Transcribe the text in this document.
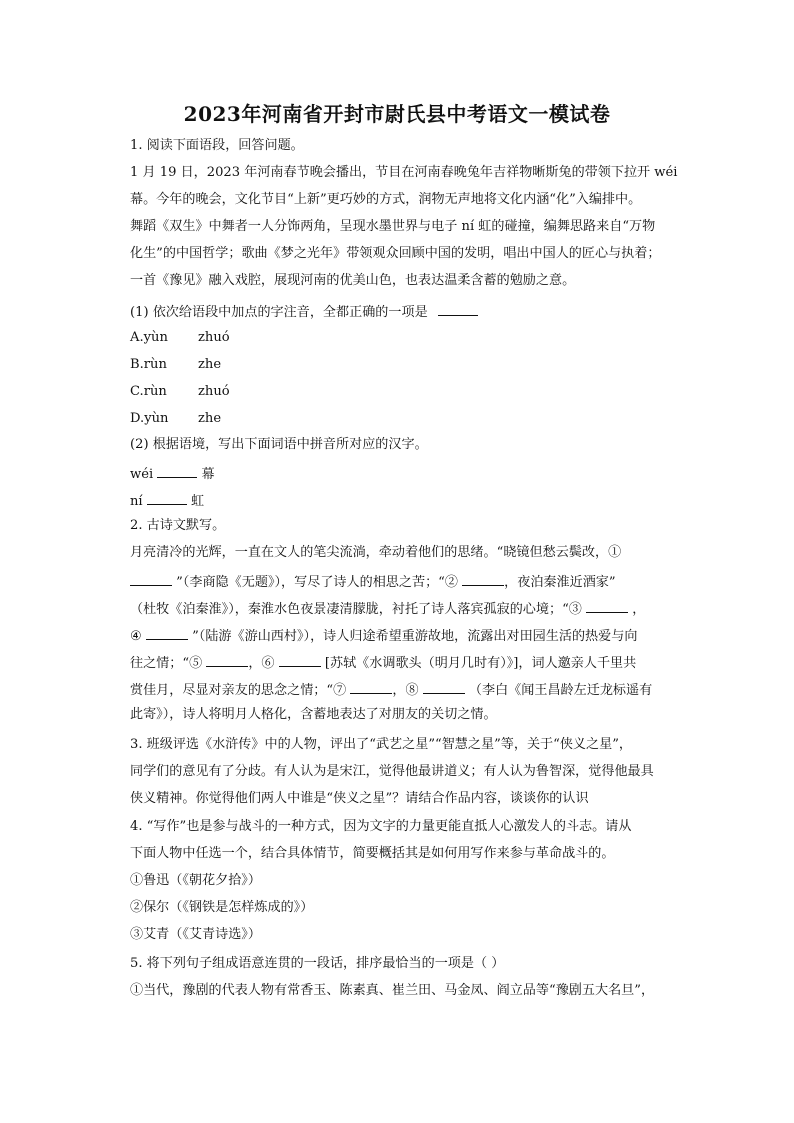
2023年河南省开封市尉氏县中考语文一模试卷
1. 阅读下面语段，回答问题。
1 月 19 日，2023 年河南春节晚会播出，节目在河南春晚兔年吉祥物晰斯兔的带领下拉开 wéi
幕。今年的晚会，文化节目“上新”更巧妙的方式，润物无声地将文化内涵“化”入编排中。
舞蹈《双生》中舞者一人分饰两角，呈现水墨世界与电子 ní 虹的碰撞，编舞思路来自“万物
化生”的中国哲学；歌曲《梦之光年》带领观众回顾中国的发明，唱出中国人的匠心与执着；
一首《豫见》融入戏腔，展现河南的优美山色，也表达温柔含蓄的勉励之意。
(1) 依次给语段中加点的字注音，全都正确的一项是
A.yùn zhuó
B.rùn zhe
C.rùn zhuó
D.yùn zhe
(2) 根据语境，写出下面词语中拼音所对应的汉字。
wéi	幕
ní	虹
2. 古诗文默写。
月亮清冷的光辉，一直在文人的笔尖流淌，牵动着他们的思绪。“晓镜但愁云鬓改，①
”（李商隐《无题》），写尽了诗人的相思之苦；“②	，夜泊秦淮近酒家”
（杜牧《泊秦淮》），秦淮水色夜景凄清朦胧，衬托了诗人落宾孤寂的心境；“③	，
④	”（陆游《游山西村》），诗人归途希望重游故地，流露出对田园生活的热爱与向
往之情；“⑤	，⑥	[苏轼《水调歌头（明月几时有）》]，词人邀亲人千里共
赏佳月，尽显对亲友的思念之情；“⑦	，⑧	（李白《闻王昌龄左迁龙标遥有
此寄》），诗人将明月人格化，含蓄地表达了对朋友的关切之情。
3. 班级评选《水浒传》中的人物，评出了“武艺之星”“智慧之星”等，关于“侠义之星”，
同学们的意见有了分歧。有人认为是宋江，觉得他最讲道义；有人认为鲁智深，觉得他最具
侠义精神。你觉得他们两人中谁是“侠义之星”？请结合作品内容，谈谈你的认识
4. “写作”也是参与战斗的一种方式，因为文字的力量更能直抵人心激发人的斗志。请从
下面人物中任选一个，结合具体情节，简要概括其是如何用写作来参与革命战斗的。
①鲁迅（《朝花夕拾》）
②保尔（《钢铁是怎样炼成的》）
③艾青（《艾青诗选》）
5. 将下列句子组成语意连贯的一段话，排序最恰当的一项是（ ）
①当代，豫剧的代表人物有常香玉、陈素真、崔兰田、马金凤、阎立品等“豫剧五大名旦”，
